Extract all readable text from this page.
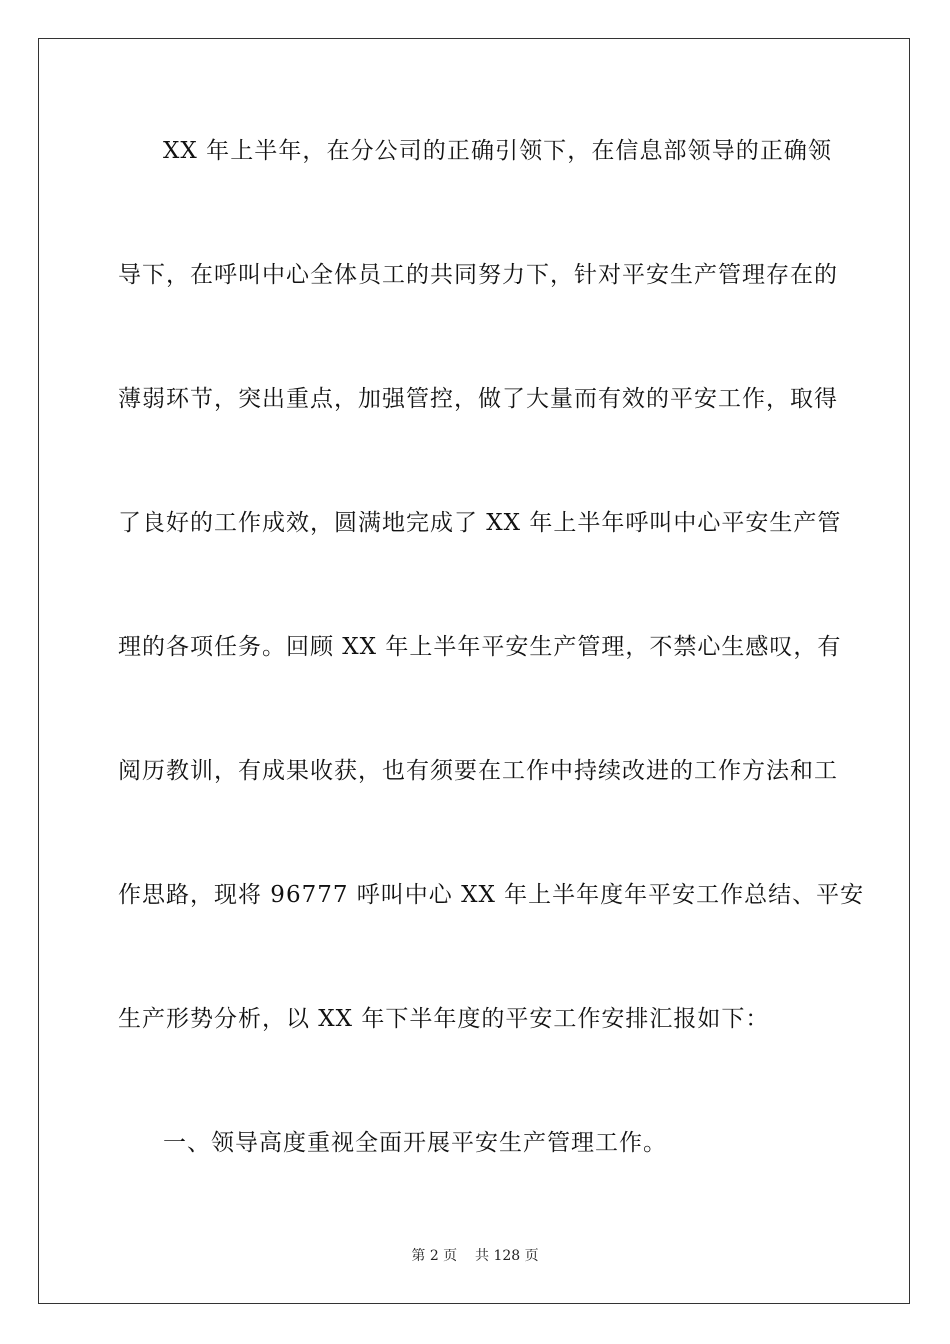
XX 年上半年，在分公司的正确引领下，在信息部领导的正确领
导下，在呼叫中心全体员工的共同努力下，针对平安生产管理存在的
薄弱环节，突出重点，加强管控，做了大量而有效的平安工作，取得
了良好的工作成效，圆满地完成了 XX 年上半年呼叫中心平安生产管
理的各项任务。回顾 XX 年上半年平安生产管理，不禁心生感叹，有
阅历教训，有成果收获，也有须要在工作中持续改进的工作方法和工
作思路，现将 96777 呼叫中心 XX 年上半年度年平安工作总结、平安
生产形势分析，以 XX 年下半年度的平安工作安排汇报如下：
一、领导高度重视全面开展平安生产管理工作。
第 2 页 共 128 页
